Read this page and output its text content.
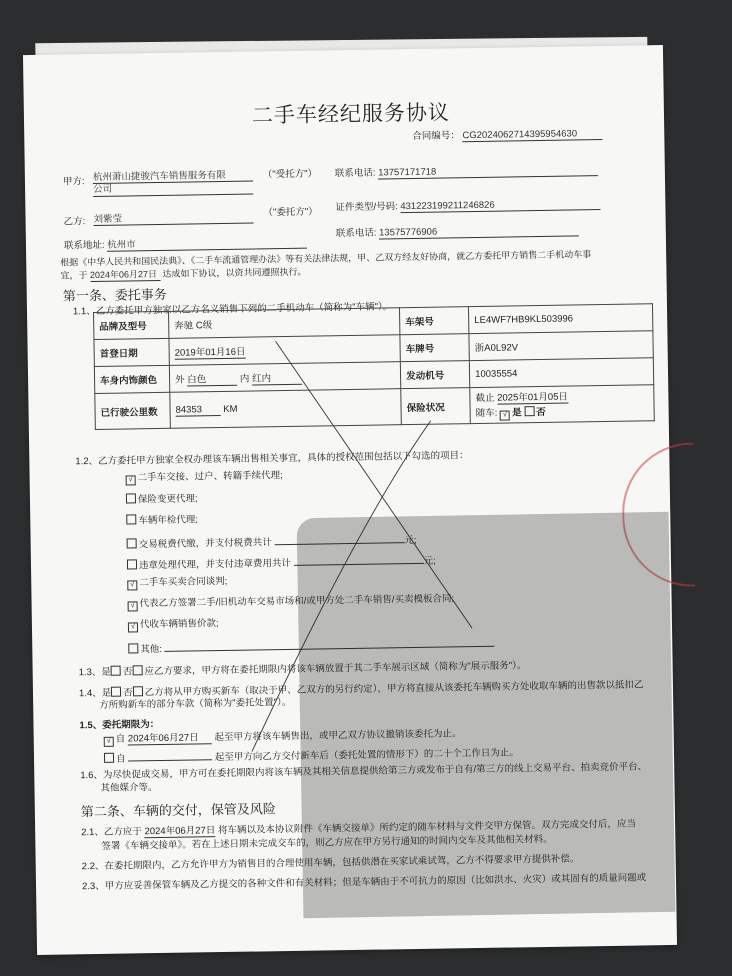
二手车经纪服务协议
合同编号： CG2024062714395954630
甲方: 杭州萧山捷骏汽车销售服务有限
公司
（"受托方"） 联系电话: 13757171718
乙方: 刘紫莹
（"委托方"） 证件类型/号码: 431223199211246826
联系地址: 杭州市
联系电话: 13575776906
根据《中华人民共和国民法典》、《二手车流通管理办法》等有关法律法规，甲、乙双方经友好协商，就乙方委托甲方销售二手机动车事
宜，于 2024年06月27日 达成如下协议，以资共同遵照执行。
第一条、委托事务
1.1、乙方委托甲方独家以乙方名义销售下列的二手机动车（简称为"车辆"）。
品牌及型号	奔驰 C级	车架号	LE4WF7HB9KL503996
首登日期	2019年01月16日	车牌号	浙A0L92V
车身内饰颜色	外 白色 内 红内	发动机号	10035554
已行驶公里数	84353 KM	保险状况	截止 2025年01月05日
随车: √ 是 否
1.2、乙方委托甲方独家全权办理该车辆出售相关事宜，具体的授权范围包括以下勾选的项目：
√ 二手车交接、过户、转籍手续代理;
保险变更代理;
车辆年检代理;
交易税费代缴，并支付税费共计	元;
违章处理代理，并支付违章费用共计	元;
√ 二手车买卖合同谈判;
√ 代表乙方签署二手/旧机动车交易市场和/或甲方处二手车销售/买卖模板合同;
√ 代收车辆销售价款;
其他:
1.3、是 否 应乙方要求，甲方将在委托期限内将该车辆放置于其二手车展示区域（简称为"展示服务"）。
1.4、是 否 乙方将从甲方购买新车（取决于甲、乙双方的另行约定），甲方将直接从该委托车辆购买方处收取车辆的出售款以抵扣乙
方所购新车的部分车款（简称为"委托处置"）。
1.5、委托期限为：
√ 自 2024年06月27日 起至甲方将该车辆售出，或甲乙双方协议撤销该委托为止。
自	起至甲方向乙方交付新车后（委托处置的情形下）的二十个工作日为止。
1.6、为尽快促成交易，甲方可在委托期限内将该车辆及其相关信息提供给第三方或发布于自有/第三方的线上交易平台、拍卖竞价平台、
其他媒介等。
第二条、车辆的交付，保管及风险
2.1、乙方应于 2024年06月27日 将车辆以及本协议附件《车辆交接单》所约定的随车材料与文件交甲方保管。双方完成交付后，应当
签署《车辆交接单》。若在上述日期未完成交车的，则乙方应在甲方另行通知的时间内交车及其他相关材料。
2.2、在委托期限内，乙方允许甲方为销售目的合理使用车辆，包括供潜在买家试乘试驾，乙方不得要求甲方提供补偿。
2.3、甲方应妥善保管车辆及乙方提交的各种文件和有关材料；但是车辆由于不可抗力的原因（比如洪水、火灾）或其固有的质量问题或
